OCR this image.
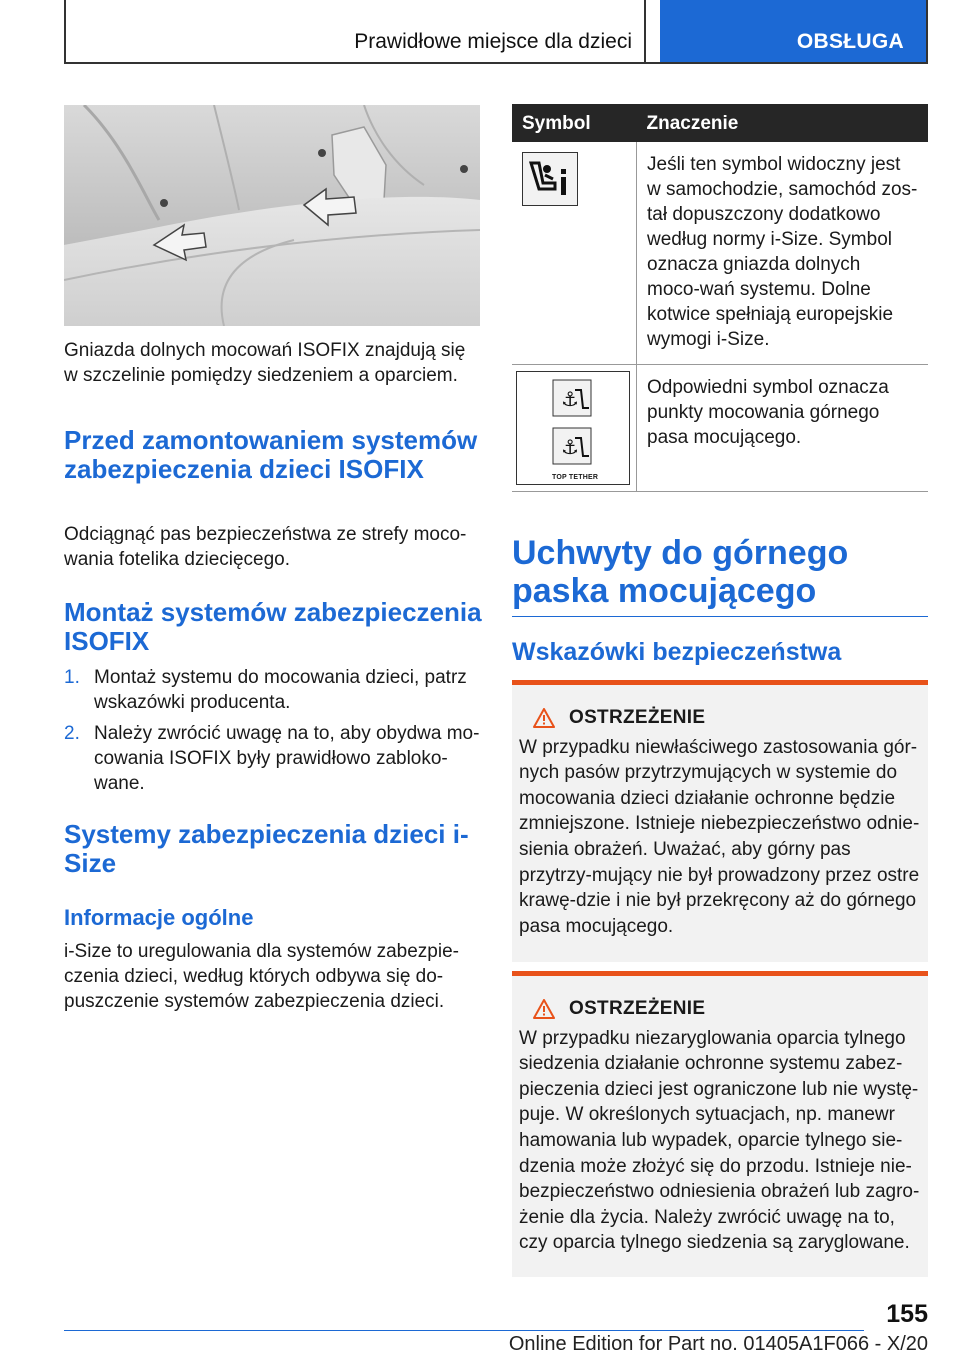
Prawidłowe miejsce dla dzieci	OBSŁUGA
Gniazda dolnych mocowań ISOFIX znajdują się w szczelinie pomiędzy siedzeniem a oparciem.
Przed zamontowaniem systemów zabezpieczenia dzieci ISOFIX
Odciągnąć pas bezpieczeństwa ze strefy moco-wania fotelika dziecięcego.
Montaż systemów zabezpieczenia ISOFIX
1. Montaż systemu do mocowania dzieci, patrz wskazówki producenta.
2. Należy zwrócić uwagę na to, aby obydwa mo-cowania ISOFIX były prawidłowo zabloko-wane.
Systemy zabezpieczenia dzieci i-Size
Informacje ogólne
i-Size to uregulowania dla systemów zabezpie-czenia dzieci, według których odbywa się do-puszczenie systemów zabezpieczenia dzieci.
Symbol	Znaczenie

	Jeśli ten symbol widoczny jest w samochodzie, samochód zos-tał dopuszczony dodatkowo według normy i-Size. Symbol oznacza gniazda dolnych moco-wań systemu. Dolne kotwice spełniają europejskie wymogi i-Size.

⚓
⚓
TOP TETHER	Odpowiedni symbol oznacza punkty mocowania górnego pasa mocującego.
Uchwyty do górnego paska mocującego
Wskazówki bezpieczeństwa
OSTRZEŻENIE
W przypadku niewłaściwego zastosowania gór-nych pasów przytrzymujących w systemie do mocowania dzieci działanie ochronne będzie zmniejszone. Istnieje niebezpieczeństwo odnie-sienia obrażeń. Uważać, aby górny pas przytrzy-mujący nie był prowadzony przez ostre krawę-dzie i nie był przekręcony aż do górnego pasa mocującego.
OSTRZEŻENIE
W przypadku niezaryglowania oparcia tylnego siedzenia działanie ochronne systemu zabez-pieczenia dzieci jest ograniczone lub nie wystę-puje. W określonych sytuacjach, np. manewr hamowania lub wypadek, oparcie tylnego sie-dzenia może złożyć się do przodu. Istnieje nie-bezpieczeństwo odniesienia obrażeń lub zagro-żenie dla życia. Należy zwrócić uwagę na to, czy oparcia tylnego siedzenia są zaryglowane.
155
Online Edition for Part no. 01405A1F066 - X/20
